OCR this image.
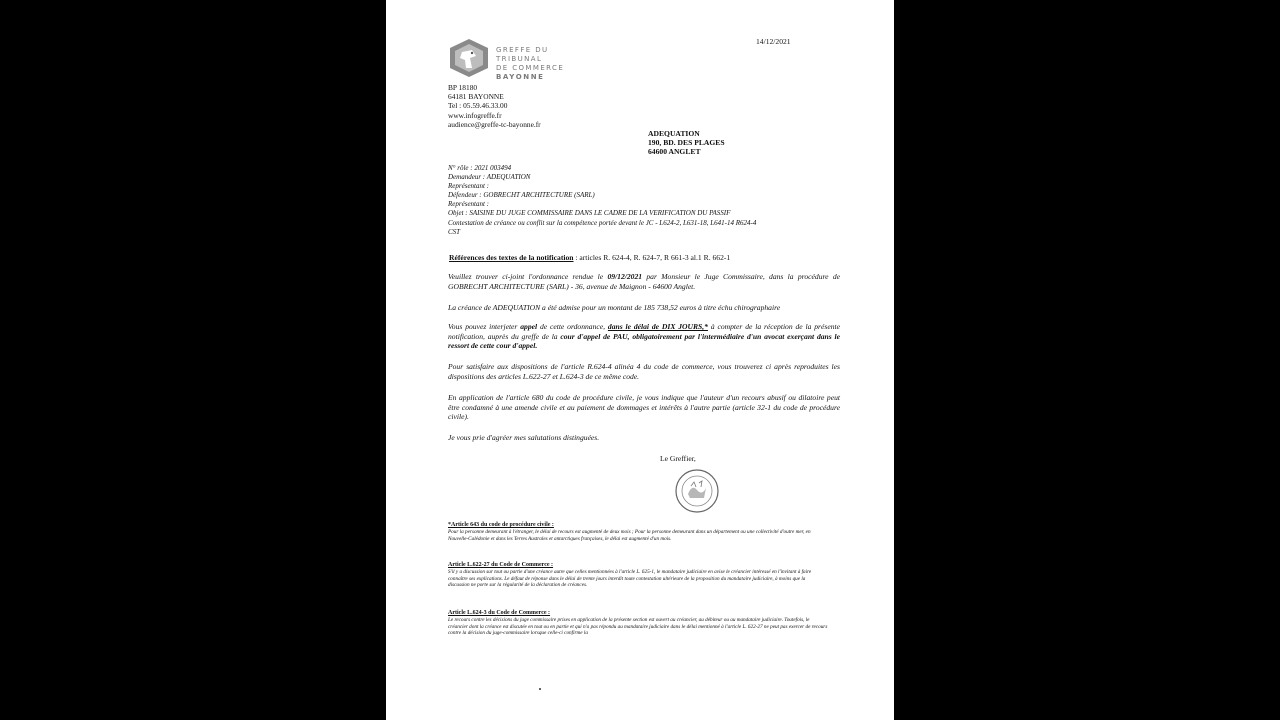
14/12/2021
GREFFE DU TRIBUNAL
DE COMMERCE
BAYONNE
BP 18180
64181 BAYONNE
Tel : 05.59.46.33.00
www.infogreffe.fr
audience@greffe-tc-bayonne.fr
ADEQUATION
190, BD. DES PLAGES
64600 ANGLET
N° rôle : 2021 003494
Demandeur : ADEQUATION
Représentant :
Défendeur : GOBRECHT ARCHITECTURE (SARL)
Représentant :
Objet : SAISINE DU JUGE COMMISSAIRE DANS LE CADRE DE LA VERIFICATION DU PASSIF
Contestation de créance ou conflit sur la compétence portée devant le JC - L624-2, L631-18, L641-14 R624-4
CST
Références des textes de la notification : articles R. 624-4, R. 624-7, R 661-3 al.1 R. 662-1
Veuillez trouver ci-joint l'ordonnance rendue le 09/12/2021 par Monsieur le Juge Commissaire, dans la procédure de GOBRECHT ARCHITECTURE (SARL) - 36, avenue de Maignon - 64600 Anglet.
La créance de ADEQUATION a été admise pour un montant de 185 738,52 euros à titre échu chirographaire
Vous pouvez interjeter appel de cette ordonnance, dans le délai de DIX JOURS,* à compter de la réception de la présente notification, auprès du greffe de la cour d'appel de PAU, obligatoirement par l'intermédiaire d'un avocat exerçant dans le ressort de cette cour d'appel.
Pour satisfaire aux dispositions de l'article R.624-4 alinéa 4 du code de commerce, vous trouverez ci après reproduites les dispositions des articles L.622-27 et L.624-3 de ce même code.
En application de l'article 680 du code de procédure civile, je vous indique que l'auteur d'un recours abusif ou dilatoire peut être condamné à une amende civile et au paiement de dommages et intérêts à l'autre partie (article 32-1 du code de procédure civile).
Je vous prie d'agréer mes salutations distinguées.
Le Greffier,
*Article 643 du code de procédure civile :
Pour la personne demeurant à l'étranger, le délai de recours est augmenté de deux mois ; Pour la personne demeurant dans un département ou une collectivité d'outre mer, en Nouvelle-Calédonie et dans les Terres Australes et antarctiques françaises, le délai est augmenté d'un mois.
Article L.622-27 du Code de Commerce :
S'il y a discussion sur tout ou partie d'une créance autre que celles mentionnées à l'article L. 625-1, le mandataire judiciaire en avise le créancier intéressé en l'invitant à faire connaître ses explications. Le défaut de réponse dans le délai de trente jours interdit toute contestation ultérieure de la proposition du mandataire judiciaire, à moins que la discussion ne porte sur la régularité de la déclaration de créances.
Article L.624-3 du Code de Commerce :
Le recours contre les décisions du juge commissaire prises en application de la présente section est ouvert au créancier, au débiteur ou au mandataire judiciaire. Toutefois, le créancier dont la créance est discutée en tout ou en partie et qui n'a pas répondu au mandataire judiciaire dans le délai mentionné à l'article L. 622-27 ne peut pas exercer de recours contre la décision du juge-commissaire lorsque celle-ci confirme la
